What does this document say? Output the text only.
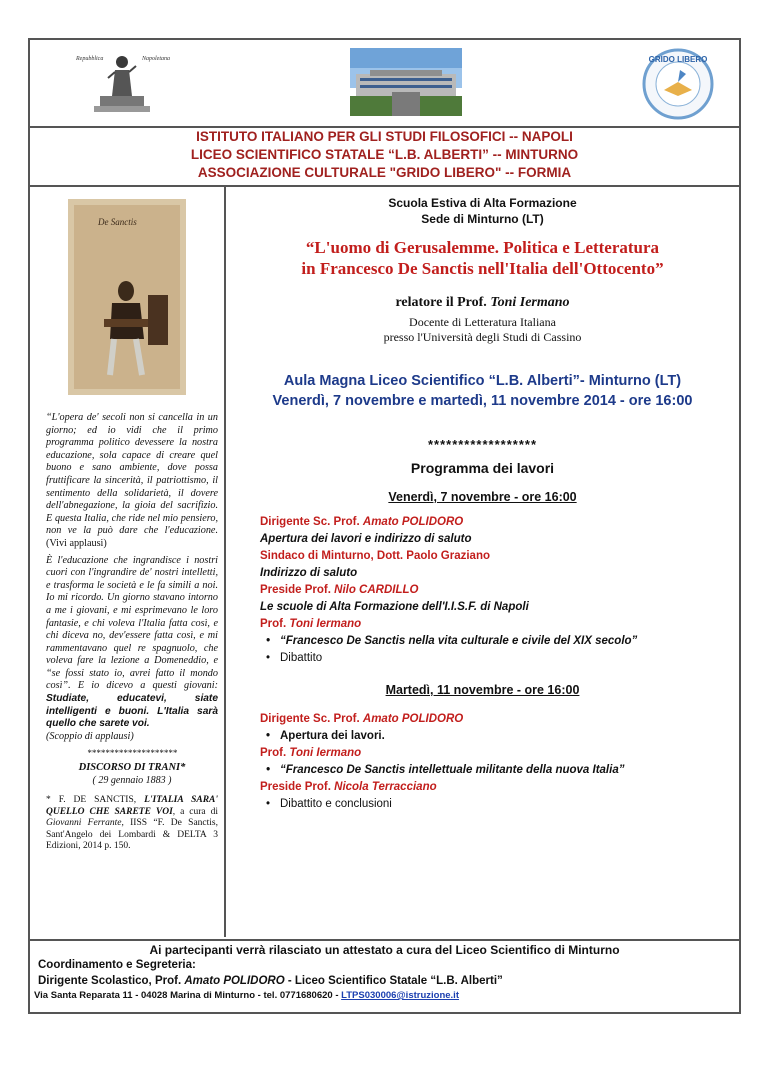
Repubblica	Napoletana	GRIDO LIBERO
ISTITUTO ITALIANO PER GLI STUDI FILOSOFICI -- NAPOLI
LICEO SCIENTIFICO STATALE “L.B. ALBERTI” -- MINTURNO
ASSOCIAZIONE CULTURALE "GRIDO LIBERO" -- FORMIA
De Sanctis

“L'opera de' secoli non si cancella in un giorno; ed io vidi che il primo programma politico devessere la nostra educazione, sola capace di creare quel buono e sano ambiente, dove possa fruttificare la sincerità, il patriottismo, il sentimento della solidarietà, il dovere dell'abnegazione, la gioia del sacrifizio. E questa Italia, che ride nel mio pensiero, non ve la può dare che l'educazione. (Vivi applausi)

È l'educazione che ingrandisce i nostri cuori con l'ingrandire de' nostri intelletti, e trasforma le società e le fa simili a noi. Io mi ricordo. Un giorno stavano intorno a me i giovani, e mi esprimevano le loro fantasie, e chi voleva l'Italia fatta così, e chi diceva no, dev'essere fatta così, e mi rammentavano quel re spagnuolo, che voleva fare la lezione a Domeneddio, e “se fossi stato io, avrei fatto il mondo così”. E io dicevo a questi giovani: Studiate, educatevi, siate intelligenti e buoni. L'Italia sarà quello che sarete voi.
(Scoppio di applausi)

********************
DISCORSO DI TRANI*
( 29 gennaio 1883 )
* F. DE SANCTIS, L'ITALIA SARA' QUELLO CHE SARETE VOI, a cura di Giovanni Ferrante, IISS “F. De Sanctis, Sant'Angelo dei Lombardi & DELTA 3 Edizioni, 2014 p. 150.
Scuola Estiva di Alta Formazione
Sede di Minturno (LT)
“L'uomo di Gerusalemme. Politica e Letteratura
in Francesco De Sanctis nell'Italia dell'Ottocento”
relatore il Prof. Toni Iermano
Docente di Letteratura Italiana
presso l'Università degli Studi di Cassino
Aula Magna Liceo Scientifico “L.B. Alberti”- Minturno (LT)
Venerdì, 7 novembre e martedì, 11 novembre 2014 - ore 16:00
******************
Programma dei lavori
Venerdì, 7 novembre - ore 16:00
Dirigente Sc. Prof. Amato POLIDORO
Apertura dei lavori e indirizzo di saluto
Sindaco di Minturno, Dott. Paolo Graziano
Indirizzo di saluto
Preside Prof. Nilo CARDILLO
Le scuole di Alta Formazione dell'I.I.S.F. di Napoli
Prof. Toni Iermano
• “Francesco De Sanctis nella vita culturale e civile del XIX secolo”
• Dibattito
Martedì, 11 novembre - ore 16:00
Dirigente Sc. Prof. Amato POLIDORO
• Apertura dei lavori.
Prof. Toni Iermano
• “Francesco De Sanctis intellettuale militante della nuova Italia”
Preside Prof. Nicola Terracciano
• Dibattito e conclusioni
Ai partecipanti verrà rilasciato un attestato a cura del Liceo Scientifico di Minturno
Coordinamento e Segreteria:
Dirigente Scolastico, Prof. Amato POLIDORO - Liceo Scientifico Statale “L.B. Alberti”
Via Santa Reparata 11 - 04028 Marina di Minturno - tel. 0771680620 - LTPS030006@istruzione.it
